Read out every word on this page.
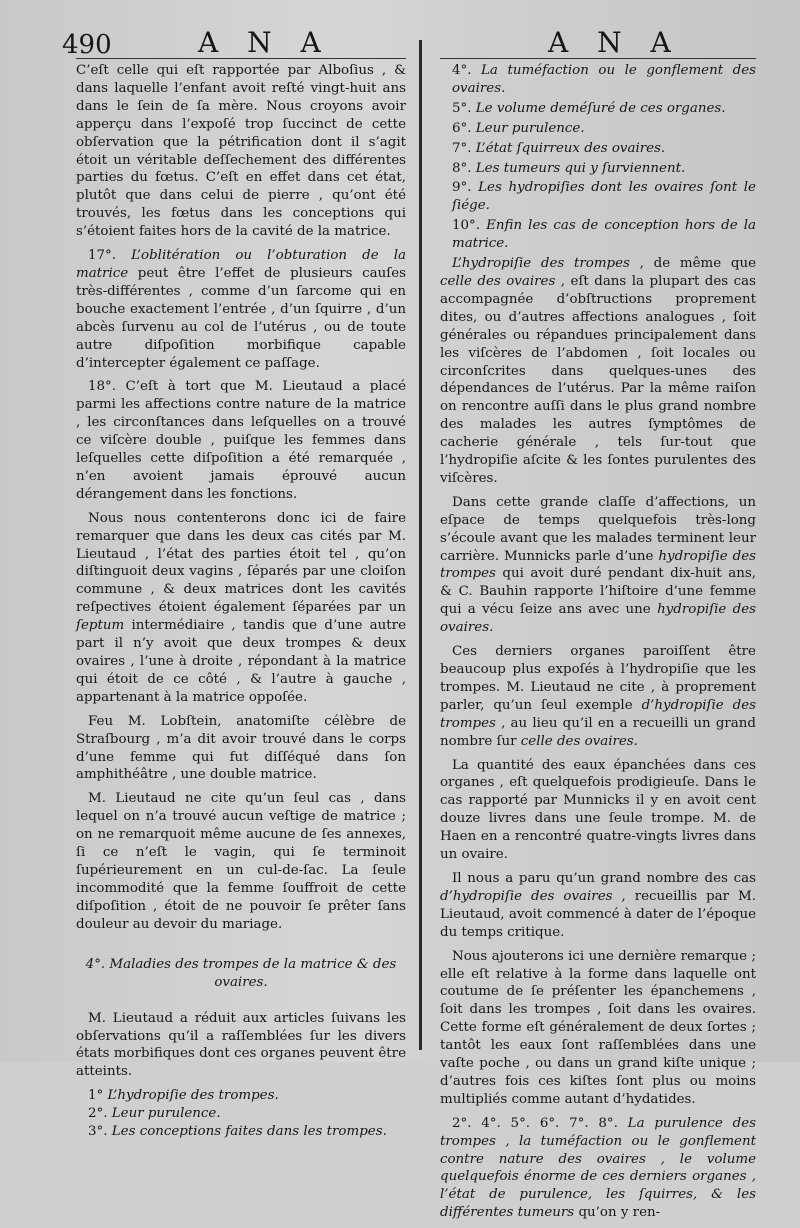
490	A N A	A N A

C’eſt celle qui eſt rapportée par Alboſius , & dans laquelle l’enfant avoit reſté vingt-huit ans dans le ſein de ſa mère. Nous croyons avoir apperçu dans l’expoſé trop ſuccinct de cette obſervation que la pétrification dont il s’agit étoit un véritable deſſechement des différentes parties du fœtus. C’eſt en effet dans cet état, plutôt que dans celui de pierre , qu’ont été trouvés, les fœtus dans les conceptions qui s’étoient faites hors de la cavité de la matrice.

17°. L’oblitération ou l’obturation de la matrice peut être l’effet de plusieurs cauſes très-différentes , comme d’un ſarcome qui en bouche exactement l’entrée , d’un ſquirre , d’un abcès ſurvenu au col de l’utérus , ou de toute autre diſpoſition morbifique capable d’intercepter également ce paſſage.

18°. C’eſt à tort que M. Lieutaud a placé parmi les affections contre nature de la matrice , les circonſtances dans leſquelles on a trouvé ce viſcère double , puiſque les femmes dans leſquelles cette diſpoſition a été remarquée , n’en avoient jamais éprouvé aucun dérangement dans les fonctions.

Nous nous contenterons donc ici de faire remarquer que dans les deux cas cités par M. Lieutaud , l’état des parties étoit tel , qu’on diſtinguoit deux vagins , ſéparés par une cloiſon commune , & deux matrices dont les cavités reſpectives étoient également ſéparées par un ſeptum intermédiaire , tandis que d’une autre part il n’y avoit que deux trompes & deux ovaires , l’une à droite , répondant à la matrice qui étoit de ce côté , & l’autre à gauche , appartenant à la matrice oppoſée.

Feu M. Lobſtein, anatomiſte célèbre de Straſbourg , m’a dit avoir trouvé dans le corps d’une femme qui fut diſſéqué dans ſon amphithéâtre , une double matrice.

M. Lieutaud ne cite qu’un ſeul cas , dans lequel on n’a trouvé aucun veſtige de matrice ; on ne remarquoit même aucune de ſes annexes, ſi ce n’eſt le vagin, qui ſe terminoit ſupérieurement en un cul-de-ſac. La ſeule incommodité que la femme ſouffroit de cette diſpoſition , étoit de ne pouvoir ſe prêter ſans douleur au devoir du mariage.

4°. Maladies des trompes de la matrice & des ovaires.

M. Lieutaud a réduit aux articles ſuivans les obſervations qu’il a raſſemblées ſur les divers états morbifiques dont ces organes peuvent être atteints.

1° L’hydropiſie des trompes.
2°. Leur purulence.
3°. Les conceptions faites dans les trompes.
4°. La tuméfaction ou le gonflement des ovaires.
5°. Le volume deméſuré de ces organes.
6°. Leur purulence.
7°. L’état ſquirreux des ovaires.
8°. Les tumeurs qui y ſurviennent.
9°. Les hydropiſies dont les ovaires ſont le ſiége.
10°. Enfin les cas de conception hors de la matrice.

L’hydropiſie des trompes , de même que celle des ovaires , eſt dans la plupart des cas accompagnée d’obſtructions proprement dites, ou d’autres affections analogues , ſoit générales ou répandues principalement dans les viſcères de l’abdomen , ſoit locales ou circonſcrites dans quelques-unes des dépendances de l’utérus. Par la même raiſon on rencontre auſſi dans le plus grand nombre des malades les autres ſymptômes de cacherie générale , tels ſur-tout que l’hydropiſie aſcite & les ſontes purulentes des viſcères.

Dans cette grande claſſe d’affections, un eſpace de temps quelquefois très-long s’écoule avant que les malades terminent leur carrière. Munnicks parle d’une hydropiſie des trompes qui avoit duré pendant dix-huit ans, & C. Bauhin rapporte l’hiſtoire d’une femme qui a vécu ſeize ans avec une hydropiſie des ovaires.

Ces derniers organes paroiſſent être beaucoup plus expoſés à l’hydropiſie que les trompes. M. Lieutaud ne cite , à proprement parler, qu’un ſeul exemple d’hydropiſie des trompes , au lieu qu’il en a recueilli un grand nombre ſur celle des ovaires.

La quantité des eaux épanchées dans ces organes , eſt quelquefois prodigieuſe. Dans le cas rapporté par Munnicks il y en avoit cent douze livres dans une ſeule trompe. M. de Haen en a rencontré quatre-vingts livres dans un ovaire.

Il nous a paru qu’un grand nombre des cas d’hydropiſie des ovaires , recueillis par M. Lieutaud, avoit commencé à dater de l’époque du temps critique.

Nous ajouterons ici une dernière remarque ; elle eſt relative à la forme dans laquelle ont coutume de ſe préſenter les épanchemens , ſoit dans les trompes , ſoit dans les ovaires. Cette forme eſt généralement de deux ſortes ; tantôt les eaux ſont raſſemblées dans une vaſte poche , ou dans un grand kiſte unique ; d’autres fois ces kiſtes ſont plus ou moins multipliés comme autant d’hydatides.

2°. 4°. 5°. 6°. 7°. 8°. La purulence des trompes , la tuméfaction ou le gonflement contre nature des ovaires , le volume quelquefois énorme de ces derniers organes , l’état de purulence, les ſquirres, & les différentes tumeurs qu’on y ren-
